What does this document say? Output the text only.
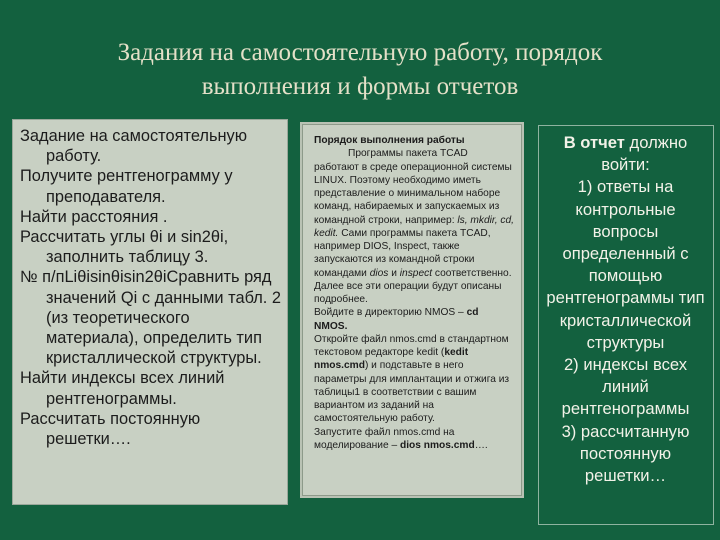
Задания на самостоятельную работу, порядок
выполнения и формы отчетов
Задание на самостоятельную работу.
Получите рентгенограмму у преподавателя.
Найти расстояния .
Рассчитать углы θi и sin2θi, заполнить таблицу 3.
№ п/пLiθisinθisin2θiСравнить ряд значений Qi с данными табл. 2 (из теоретического материала), определить тип кристаллической структуры.
Найти индексы всех линий рентгенограммы.
Рассчитать постоянную решетки….
Порядок выполнения работы
Программы пакета TCAD
работают в среде операционной системы LINUX. Поэтому необходимо иметь представление о минимальном наборе команд, набираемых и запускаемых из командной строки, например: ls, mkdir, cd, kedit. Сами программы пакета TCAD, например DIOS, Inspect, также запускаются из командной строки командами dios и inspect соответственно. Далее все эти операции будут описаны подробнее.
Войдите в директорию NMOS – cd NMOS.
Откройте файл nmos.cmd в стандартном текстовом редакторе kedit (kedit nmos.cmd) и подставьте в него параметры для имплантации и отжига из таблицы1 в соответствии с вашим вариантом из заданий на самостоятельную работу.
Запустите файл nmos.cmd на моделирование – dios nmos.cmd….
В отчет должно войти:
1) ответы на контрольные вопросы определенный с помощью рентгенограммы тип кристаллической структуры
2) индексы всех линий рентгенограммы
3) рассчитанную постоянную решетки…
